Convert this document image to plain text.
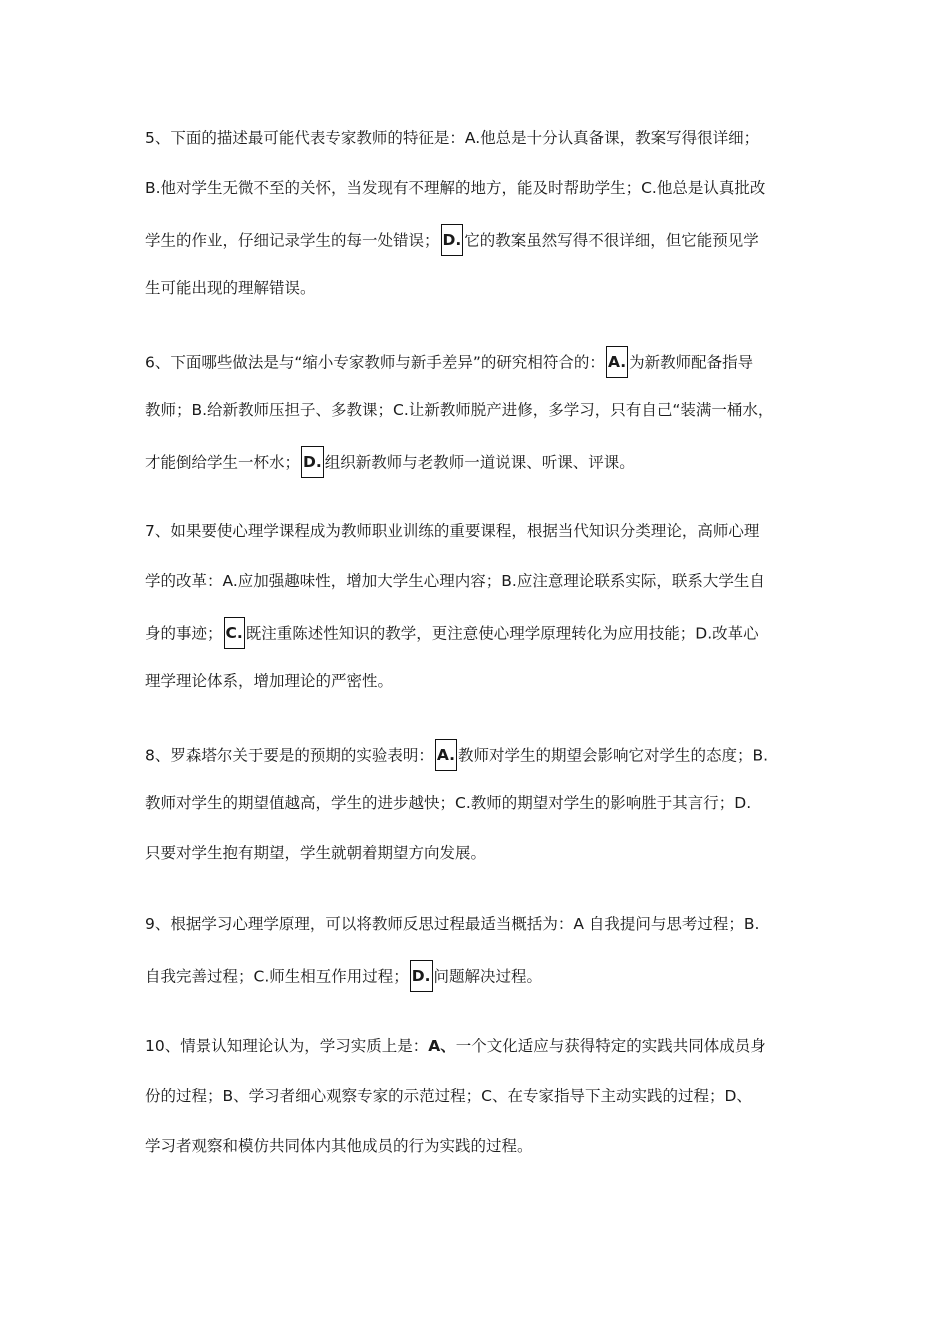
5、下面的描述最可能代表专家教师的特征是：A.他总是十分认真备课，教案写得很详细；
B.他对学生无微不至的关怀，当发现有不理解的地方，能及时帮助学生；C.他总是认真批改
学生的作业，仔细记录学生的每一处错误； D. 它的教案虽然写得不很详细，但它能预见学
生可能出现的理解错误。
6、下面哪些做法是与“缩小专家教师与新手差异”的研究相符合的： A. 为新教师配备指导
教师；B.给新教师压担子、多教课；C.让新教师脱产进修，多学习，只有自己“装满一桶水，
才能倒给学生一杯水； D. 组织新教师与老教师一道说课、听课、评课。
7、如果要使心理学课程成为教师职业训练的重要课程，根据当代知识分类理论，高师心理
学的改革：A.应加强趣味性，增加大学生心理内容；B.应注意理论联系实际，联系大学生自
身的事迹； C. 既注重陈述性知识的教学，更注意使心理学原理转化为应用技能；D.改革心
理学理论体系，增加理论的严密性。
8、罗森塔尔关于要是的预期的实验表明： A. 教师对学生的期望会影响它对学生的态度；B.
教师对学生的期望值越高，学生的进步越快；C.教师的期望对学生的影响胜于其言行；D.
只要对学生抱有期望，学生就朝着期望方向发展。
9、根据学习心理学原理，可以将教师反思过程最适当概括为：A 自我提问与思考过程；B.
自我完善过程；C.师生相互作用过程； D. 问题解决过程。
10、情景认知理论认为，学习实质上是：A、一个文化适应与获得特定的实践共同体成员身
份的过程；B、学习者细心观察专家的示范过程；C、在专家指导下主动实践的过程；D、
学习者观察和模仿共同体内其他成员的行为实践的过程。
